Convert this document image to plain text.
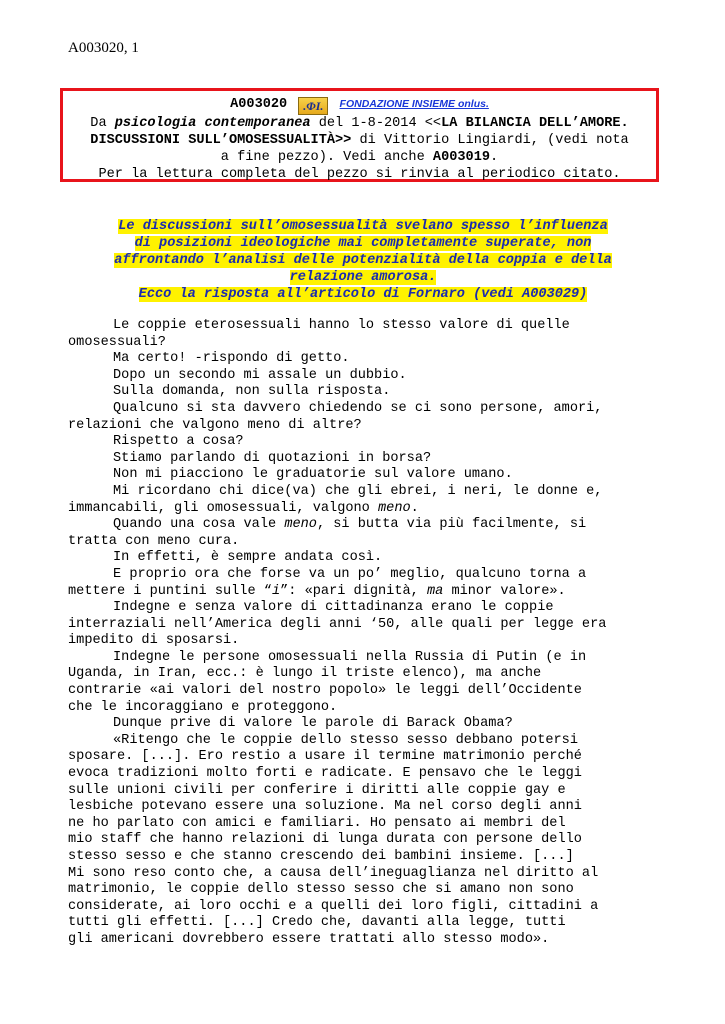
A003020, 1
A003020 .ΦI. FONDAZIONE INSIEME onlus.
Da psicologia contemporanea del 1-8-2014 <<LA BILANCIA DELL’AMORE.
DISCUSSIONI SULL’OMOSESSUALITÀ>> di Vittorio Lingiardi, (vedi nota
a fine pezzo). Vedi anche A003019.
Per la lettura completa del pezzo si rinvia al periodico citato.
Le discussioni sull’omosessualità svelano spesso l’influenza
di posizioni ideologiche mai completamente superate, non
affrontando l’analisi delle potenzialità della coppia e della
relazione amorosa.
Ecco la risposta all’articolo di Fornaro (vedi A003029)
Le coppie eterosessuali hanno lo stesso valore di quelle
omosessuali?
Ma certo! -rispondo di getto.
Dopo un secondo mi assale un dubbio.
Sulla domanda, non sulla risposta.
Qualcuno si sta davvero chiedendo se ci sono persone, amori,
relazioni che valgono meno di altre?
Rispetto a cosa?
Stiamo parlando di quotazioni in borsa?
Non mi piacciono le graduatorie sul valore umano.
Mi ricordano chi dice(va) che gli ebrei, i neri, le donne e,
immancabili, gli omosessuali, valgono meno.
Quando una cosa vale meno, si butta via più facilmente, si
tratta con meno cura.
In effetti, è sempre andata così.
E proprio ora che forse va un po’ meglio, qualcuno torna a
mettere i puntini sulle “i”: «pari dignità, ma minor valore».
Indegne e senza valore di cittadinanza erano le coppie
interraziali nell’America degli anni ‘50, alle quali per legge era
impedito di sposarsi.
Indegne le persone omosessuali nella Russia di Putin (e in
Uganda, in Iran, ecc.: è lungo il triste elenco), ma anche
contrarie «ai valori del nostro popolo» le leggi dell’Occidente
che le incoraggiano e proteggono.
Dunque prive di valore le parole di Barack Obama?
«Ritengo che le coppie dello stesso sesso debbano potersi
sposare. [...]. Ero restio a usare il termine matrimonio perché
evoca tradizioni molto forti e radicate. E pensavo che le leggi
sulle unioni civili per conferire i diritti alle coppie gay e
lesbiche potevano essere una soluzione. Ma nel corso degli anni
ne ho parlato con amici e familiari. Ho pensato ai membri del
mio staff che hanno relazioni di lunga durata con persone dello
stesso sesso e che stanno crescendo dei bambini insieme. [...]
Mi sono reso conto che, a causa dell’ineguaglianza nel diritto al
matrimonio, le coppie dello stesso sesso che si amano non sono
considerate, ai loro occhi e a quelli dei loro figli, cittadini a
tutti gli effetti. [...] Credo che, davanti alla legge, tutti
gli americani dovrebbero essere trattati allo stesso modo».
